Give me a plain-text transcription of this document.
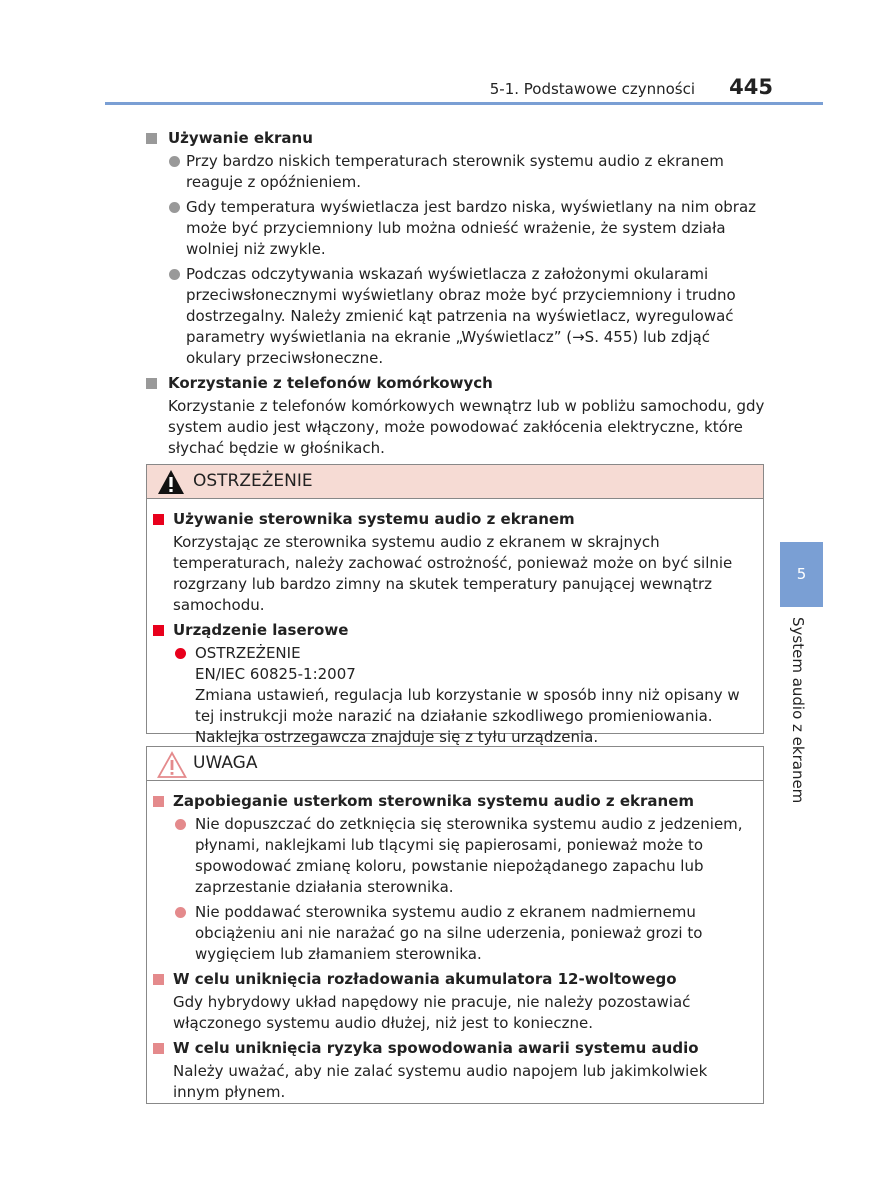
5-1. Podstawowe czynności 445
Używanie ekranu
Przy bardzo niskich temperaturach sterownik systemu audio z ekranem reaguje z opóźnieniem.
Gdy temperatura wyświetlacza jest bardzo niska, wyświetlany na nim obraz może być przyciemniony lub można odnieść wrażenie, że system działa wolniej niż zwykle.
Podczas odczytywania wskazań wyświetlacza z założonymi okularami przeciwsłonecznymi wyświetlany obraz może być przyciemniony i trudno dostrzegalny. Należy zmienić kąt patrzenia na wyświetlacz, wyregulować parametry wyświetlania na ekranie „Wyświetlacz” (→S. 455) lub zdjąć okulary przeciwsłoneczne.
Korzystanie z telefonów komórkowych
Korzystanie z telefonów komórkowych wewnątrz lub w pobliżu samochodu, gdy system audio jest włączony, może powodować zakłócenia elektryczne, które słychać będzie w głośnikach.
OSTRZEŻENIE
Używanie sterownika systemu audio z ekranem
Korzystając ze sterownika systemu audio z ekranem w skrajnych temperaturach, należy zachować ostrożność, ponieważ może on być silnie rozgrzany lub bardzo zimny na skutek temperatury panującej wewnątrz samochodu.
Urządzenie laserowe
OSTRZEŻENIE
EN/IEC 60825-1:2007
Zmiana ustawień, regulacja lub korzystanie w sposób inny niż opisany w tej instrukcji może narazić na działanie szkodliwego promieniowania. Naklejka ostrzegawcza znajduje się z tyłu urządzenia.
UWAGA
Zapobieganie usterkom sterownika systemu audio z ekranem
Nie dopuszczać do zetknięcia się sterownika systemu audio z jedzeniem, płynami, naklejkami lub tlącymi się papierosami, ponieważ może to spowodować zmianę koloru, powstanie niepożądanego zapachu lub zaprzestanie działania sterownika.
Nie poddawać sterownika systemu audio z ekranem nadmiernemu obciążeniu ani nie narażać go na silne uderzenia, ponieważ grozi to wygięciem lub złamaniem sterownika.
W celu uniknięcia rozładowania akumulatora 12-woltowego
Gdy hybrydowy układ napędowy nie pracuje, nie należy pozostawiać włączonego systemu audio dłużej, niż jest to konieczne.
W celu uniknięcia ryzyka spowodowania awarii systemu audio
Należy uważać, aby nie zalać systemu audio napojem lub jakimkolwiek innym płynem.
5
System audio z ekranem
